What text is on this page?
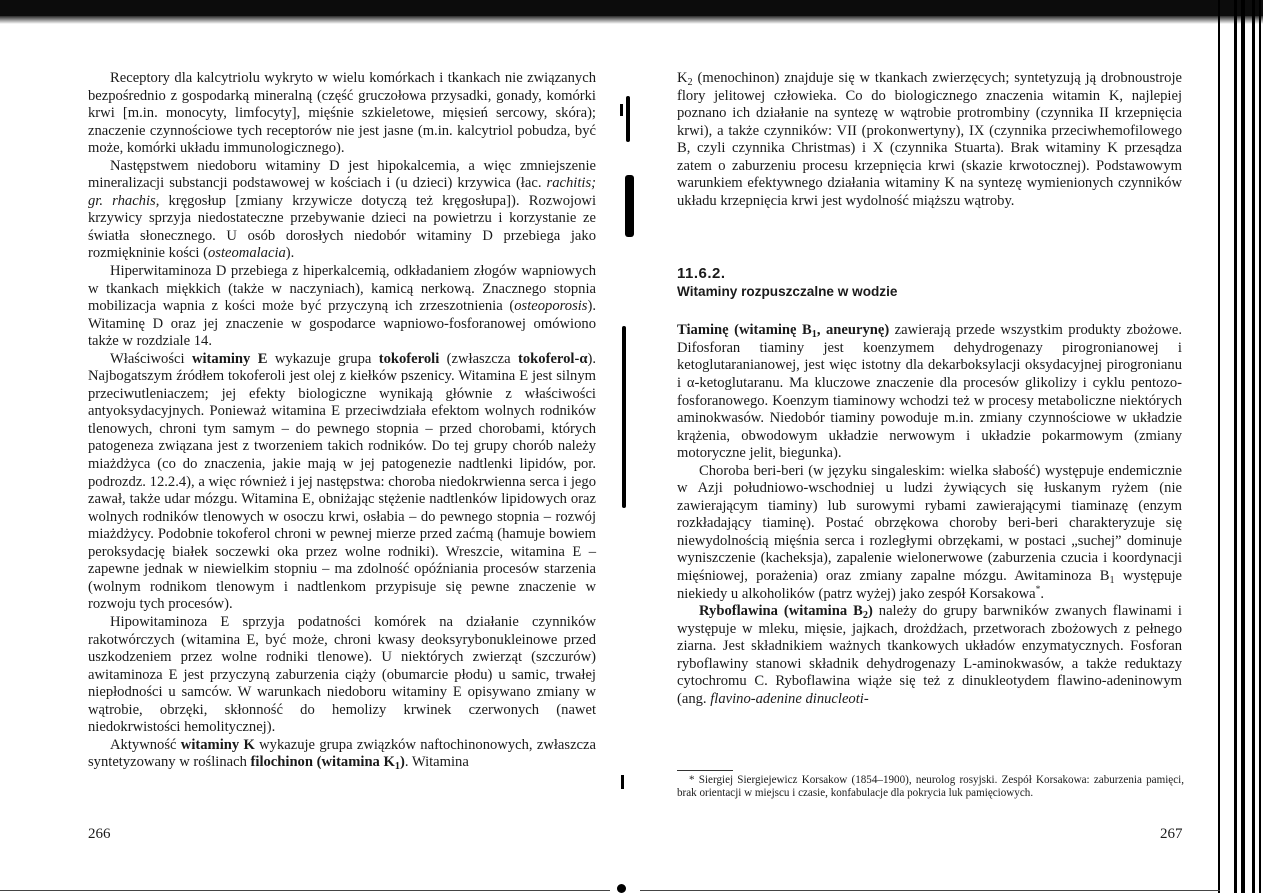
Receptory dla kalcytriolu wykryto w wielu komórkach i tkankach nie związanych bezpośrednio z gospodarką mineralną (część gruczołowa przysadki, gonady, komórki krwi [m.in. monocyty, limfocyty], mięśnie szkieletowe, mięsień sercowy, skóra); znaczenie czynnościowe tych receptorów nie jest jasne (m.in. kalcytriol pobudza, być może, komórki układu immunologicznego).

Następstwem niedoboru witaminy D jest hipokalcemia, a więc zmniejszenie mineralizacji substancji podstawowej w kościach i (u dzieci) krzywica (łac. rachitis; gr. rhachis, kręgosłup [zmiany krzywicze dotyczą też kręgosłupa]). Rozwojowi krzywicy sprzyja niedostateczne przebywanie dzieci na powietrzu i korzystanie ze światła słonecznego. U osób dorosłych niedobór witaminy D przebiega jako rozmiękninie kości (osteomalacia).

Hiperwitaminoza D przebiega z hiperkalcemią, odkładaniem złogów wapniowych w tkankach miękkich (także w naczyniach), kamicą nerkową. Znacznego stopnia mobilizacja wapnia z kości może być przyczyną ich zrzeszotnienia (osteoporosis). Witaminę D oraz jej znaczenie w gospodarce wapniowo-fosforanowej omówiono także w rozdziale 14.

Właściwości witaminy E wykazuje grupa tokoferoli (zwłaszcza tokoferol-α). Najbogatszym źródłem tokoferoli jest olej z kiełków pszenicy. Witamina E jest silnym przeciwutleniaczem; jej efekty biologiczne wynikają głównie z właściwości antyoksydacyjnych. Ponieważ witamina E przeciwdziała efektom wolnych rodników tlenowych, chroni tym samym – do pewnego stopnia – przed chorobami, których patogeneza związana jest z tworzeniem takich rodników. Do tej grupy chorób należy miażdżyca (co do znaczenia, jakie mają w jej patogenezie nadtlenki lipidów, por. podrozdz. 12.2.4), a więc również i jej następstwa: choroba niedokrwienna serca i jego zawał, także udar mózgu. Witamina E, obniżając stężenie nadtlenków lipidowych oraz wolnych rodników tlenowych w osoczu krwi, osłabia – do pewnego stopnia – rozwój miażdżycy. Podobnie tokoferol chroni w pewnej mierze przed zaćmą (hamuje bowiem peroksydację białek soczewki oka przez wolne rodniki). Wreszcie, witamina E – zapewne jednak w niewielkim stopniu – ma zdolność opóźniania procesów starzenia (wolnym rodnikom tlenowym i nadtlenkom przypisuje się pewne znaczenie w rozwoju tych procesów).

Hipowitaminoza E sprzyja podatności komórek na działanie czynników rakotwórczych (witamina E, być może, chroni kwasy deoksyrybonukleinowe przed uszkodzeniem przez wolne rodniki tlenowe). U niektórych zwierząt (szczurów) awitaminoza E jest przyczyną zaburzenia ciąży (obumarcie płodu) u samic, trwałej niepłodności u samców. W warunkach niedoboru witaminy E opisywano zmiany w wątrobie, obrzęki, skłonność do hemolizy krwinek czerwonych (nawet niedokrwistości hemolitycznej).

Aktywność witaminy K wykazuje grupa związków naftochinonowych, zwłaszcza syntetyzowany w roślinach filochinon (witamina $K_1$). Witamina

$K_2$ (menochinon) znajduje się w tkankach zwierzęcych; syntetyzują ją drobnoustroje flory jelitowej człowieka. Co do biologicznego znaczenia witamin K, najlepiej poznano ich działanie na syntezę w wątrobie protrombiny (czynnika II krzepnięcia krwi), a także czynników: VII (prokonwertyny), IX (czynnika przeciwhemofilowego B, czyli czynnika Christmas) i X (czynnika Stuarta). Brak witaminy K przesądza zatem o zaburzeniu procesu krzepnięcia krwi (skazie krwotocznej). Podstawowym warunkiem efektywnego działania witaminy K na syntezę wymienionych czynników układu krzepnięcia krwi jest wydolność miąższu wątroby.

11.6.2.
Witaminy rozpuszczalne w wodzie

Tiaminę (witaminę $B_1$, aneurynę) zawierają przede wszystkim produkty zbożowe. Difosforan tiaminy jest koenzymem dehydrogenazy pirogronianowej i ketoglutaranianowej, jest więc istotny dla dekarboksylacji oksydacyjnej pirogronianu i α-ketoglutaranu. Ma kluczowe znaczenie dla procesów glikolizy i cyklu pentozo-fosforanowego. Koenzym tiaminowy wchodzi też w procesy metaboliczne niektórych aminokwasów. Niedobór tiaminy powoduje m.in. zmiany czynnościowe w układzie krążenia, obwodowym układzie nerwowym i układzie pokarmowym (zmiany motoryczne jelit, biegunka).

Choroba beri-beri (w języku singaleskim: wielka słabość) występuje endemicznie w Azji południowo-wschodniej u ludzi żywiących się łuskanym ryżem (nie zawierającym tiaminy) lub surowymi rybami zawierającymi tiaminazę (enzym rozkładający tiaminę). Postać obrzękowa choroby beri-beri charakteryzuje się niewydolnością mięśnia serca i rozległymi obrzękami, w postaci „suchej” dominuje wyniszczenie (kacheksja), zapalenie wielonerwowe (zaburzenia czucia i koordynacji mięśniowej, porażenia) oraz zmiany zapalne mózgu. Awitaminoza $B_1$ występuje niekiedy u alkoholików (patrz wyżej) jako zespół Korsakowa*.

Ryboflawina (witamina $B_2$) należy do grupy barwników zwanych flawinami i występuje w mleku, mięsie, jajkach, drożdżach, przetworach zbożowych z pełnego ziarna. Jest składnikiem ważnych tkankowych układów enzymatycznych. Fosforan ryboflawiny stanowi składnik dehydrogenazy L-aminokwasów, a także reduktazy cytochromu C. Ryboflawina wiąże się też z dinukleotydem flawino-adeninowym (ang. flavino-adenine dinucleoti-

* Siergiej Siergiejewicz Korsakow (1854–1900), neurolog rosyjski. Zespół Korsakowa: zaburzenia pamięci, brak orientacji w miejscu i czasie, konfabulacje dla pokrycia luk pamięciowych.

266	267
